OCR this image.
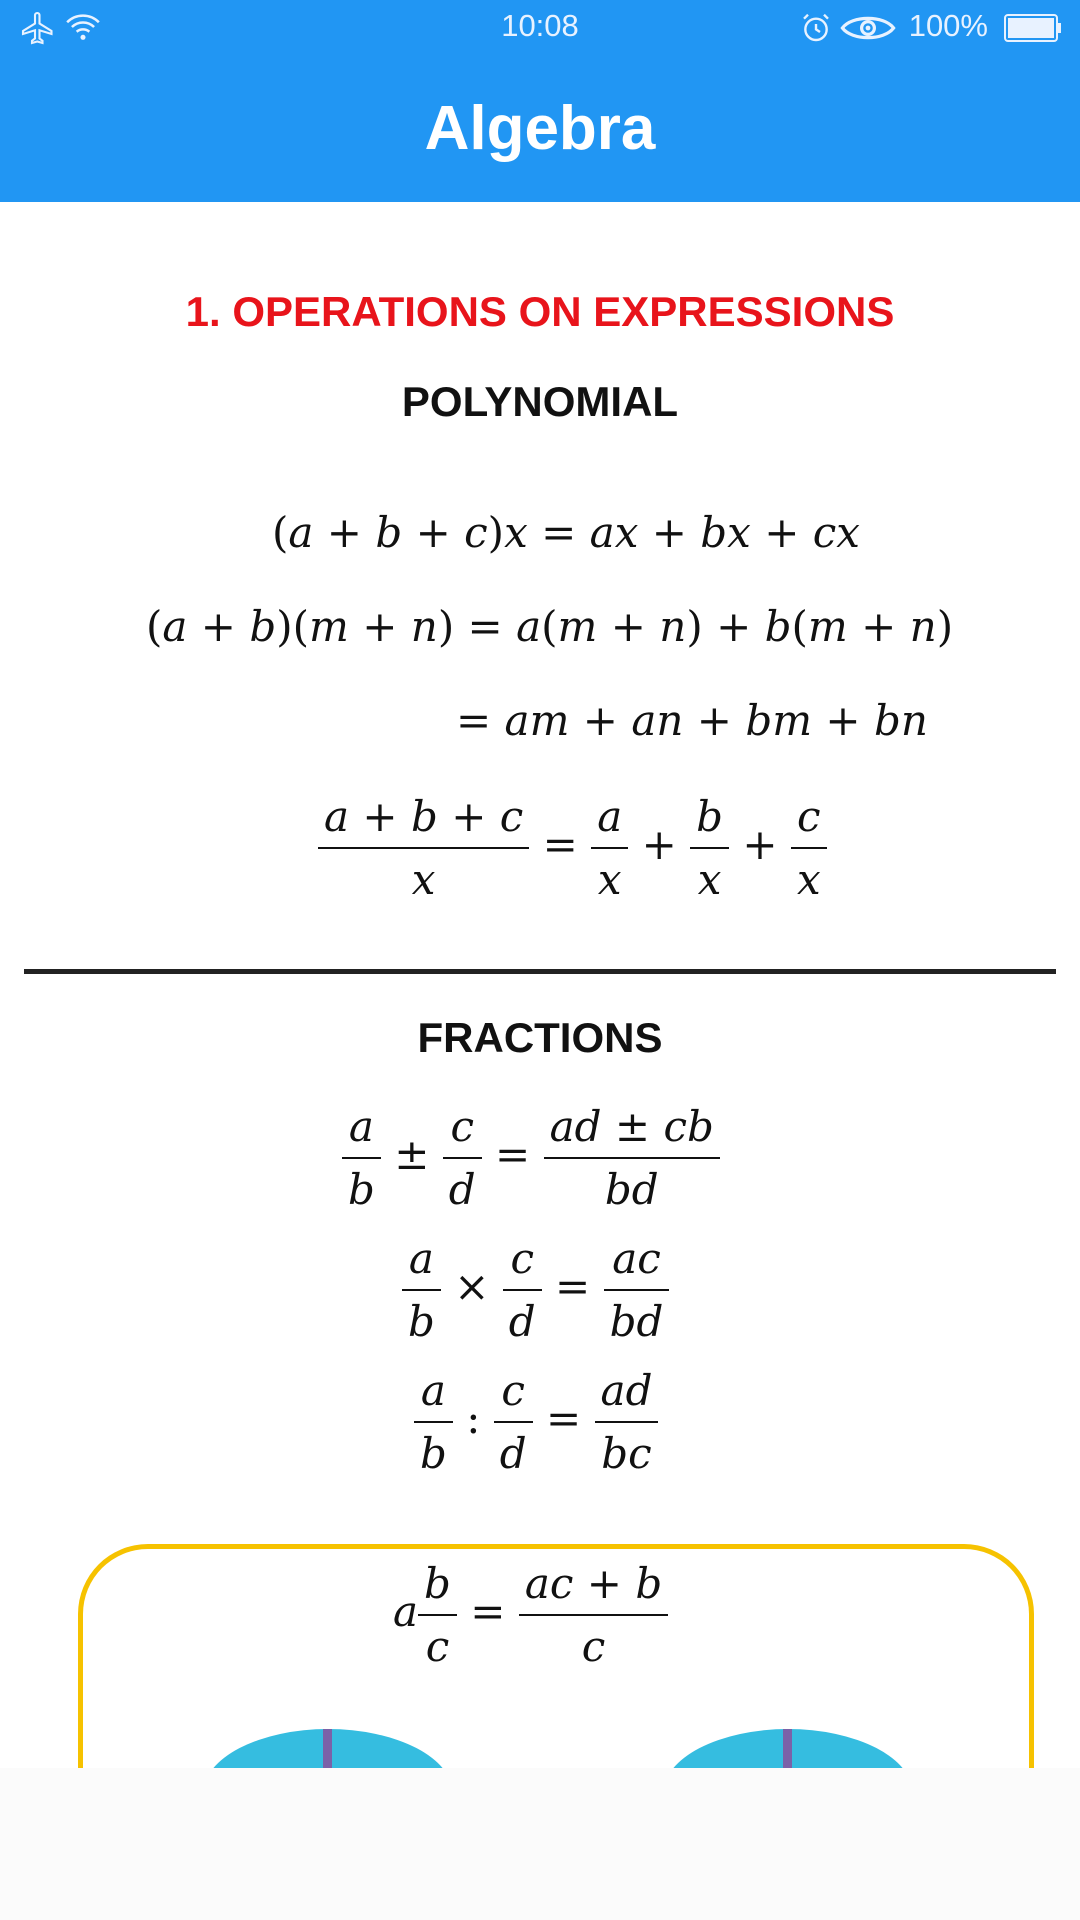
10:08	100%
Algebra
1. OPERATIONS ON EXPRESSIONS
POLYNOMIAL
(a + b + c)x = ax + bx + cx
(a + b)(m + n) = a(m + n) + b(m + n)
= am + an + bm + bn
$\frac{a + b + c}{x} = \frac{a}{x} + \frac{b}{x} + \frac{c}{x}$
FRACTIONS
$\frac{a}{b} \pm \frac{c}{d} = \frac{ad \pm cb}{bd}$
$\frac{a}{b} \times \frac{c}{d} = \frac{ac}{bd}$
$\frac{a}{b}$ : $\frac{c}{d} = \frac{ad}{bc}$
a $\frac{b}{c} = \frac{ac + b}{c}$
